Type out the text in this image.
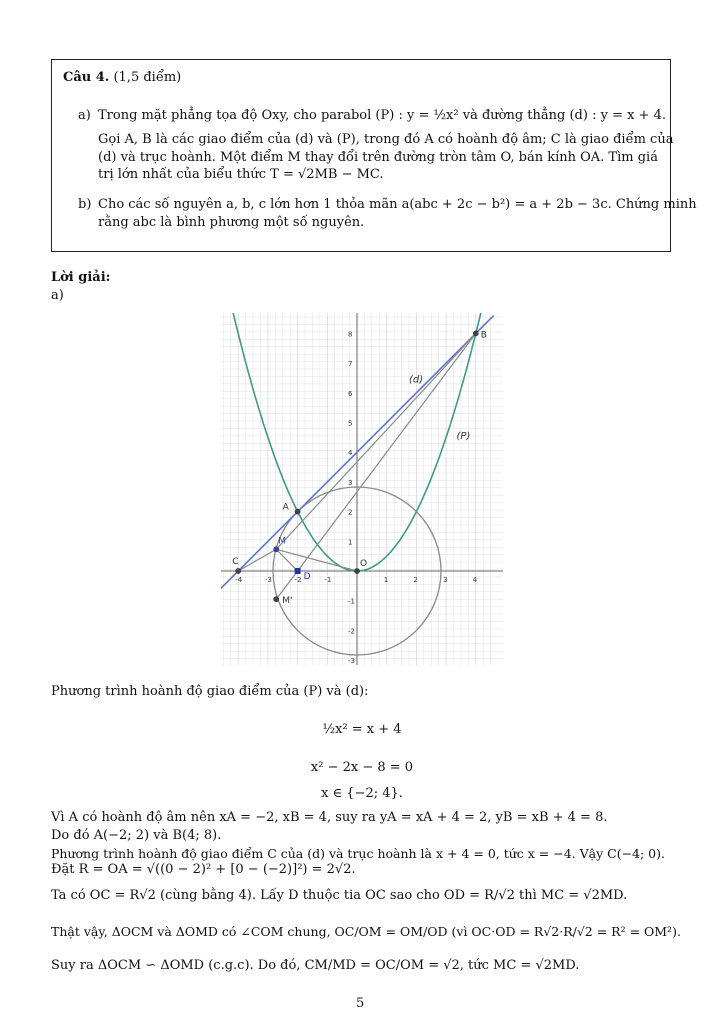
Câu 4. (1,5 điểm)
a) Trong mặt phẳng tọa độ Oxy, cho parabol (P) : y = ½x² và đường thẳng (d) : y = x + 4.
Gọi A, B là các giao điểm của (d) và (P), trong đó A có hoành độ âm; C là giao điểm của
(d) và trục hoành. Một điểm M thay đổi trên đường tròn tâm O, bán kính OA. Tìm giá
trị lớn nhất của biểu thức T = √2MB − MC.
b) Cho các số nguyên a, b, c lớn hơn 1 thỏa mãn a(abc + 2c − b²) = a + 2b − 3c. Chứng minh
rằng abc là bình phương một số nguyên.
Lời giải:
a)
-4	-3	-2	-1	1	2	3	4
8
7
6
5
4
3
2
1
-1
-2
-3
A
B
C	O
D
M
M'
(P)
(d)
Phương trình hoành độ giao điểm của (P) và (d):
½x² = x + 4
x² − 2x − 8 = 0
x ∈ {−2; 4}.
Vì A có hoành độ âm nên xA = −2, xB = 4, suy ra yA = xA + 4 = 2, yB = xB + 4 = 8.
Do đó A(−2; 2) và B(4; 8).
Phương trình hoành độ giao điểm C của (d) và trục hoành là x + 4 = 0, tức x = −4. Vậy C(−4; 0).
Đặt R = OA = √((0 − 2)² + [0 − (−2)]²) = 2√2.
Ta có OC = R√2 (cùng bằng 4). Lấy D thuộc tia OC sao cho OD = R/√2 thì MC = √2MD.
Thật vậy, ΔOCM và ΔOMD có ∠COM chung, OC/OM = OM/OD (vì OC·OD = R√2·R/√2 = R² = OM²).
Suy ra ΔOCM ∽ ΔOMD (c.g.c). Do đó, CM/MD = OC/OM = √2, tức MC = √2MD.
5
